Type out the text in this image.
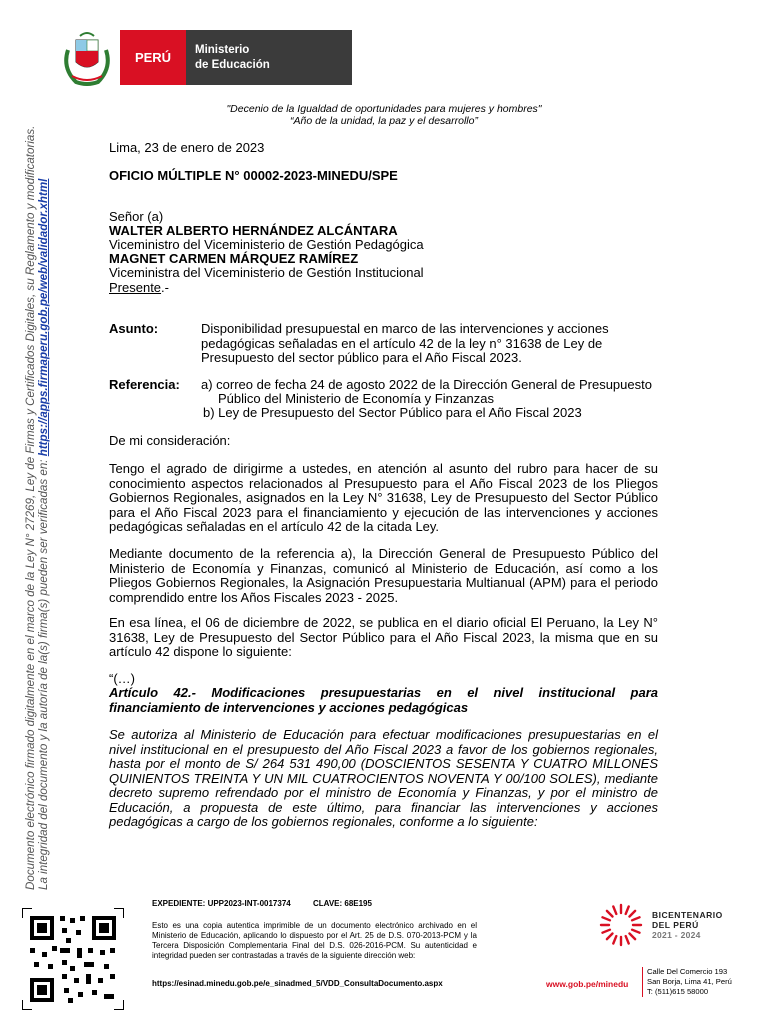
PERÚ
Ministerio
de Educación
"Decenio de la Igualdad de oportunidades para mujeres y hombres"
“Año de la unidad, la paz y el desarrollo”
Documento electrónico firmado digitalmente en el marco de la Ley N° 27269, Ley de Firmas y Certificados Digitales, su Reglamento y modificatorias. La integridad del documento y la autoría de la(s) firma(s) pueden ser verificadas en: https://apps.firmaperu.gob.pe/web/validador.xhtml
Lima, 23 de enero de 2023
OFICIO MÚLTIPLE N° 00002-2023-MINEDU/SPE
Señor (a)
WALTER ALBERTO HERNÁNDEZ ALCÁNTARA
Viceministro del Viceministerio de Gestión Pedagógica
MAGNET CARMEN MÁRQUEZ RAMÍREZ
Viceministra del Viceministerio de Gestión Institucional
Presente.-
Asunto:	Disponibilidad presupuestal en marco de las intervenciones y acciones pedagógicas señaladas en el artículo 42 de la ley n° 31638 de Ley de Presupuesto del sector público para el Año Fiscal 2023.
Referencia: a) correo de fecha 24 de agosto 2022 de la Dirección General de Presupuesto
Público del Ministerio de Economía y Finzanzas
b) Ley de Presupuesto del Sector Público para el Año Fiscal 2023
De mi consideración:
Tengo el agrado de dirigirme a ustedes, en atención al asunto del rubro para hacer de su conocimiento aspectos relacionados al Presupuesto para el Año Fiscal 2023 de los Pliegos Gobiernos Regionales, asignados en la Ley N° 31638, Ley de Presupuesto del Sector Público para el Año Fiscal 2023 para el financiamiento y ejecución de las intervenciones y acciones pedagógicas señaladas en el artículo 42 de la citada Ley.
Mediante documento de la referencia a), la Dirección General de Presupuesto Público del Ministerio de Economía y Finanzas, comunicó al Ministerio de Educación, así como a los Pliegos Gobiernos Regionales, la Asignación Presupuestaria Multianual (APM) para el periodo comprendido entre los Años Fiscales 2023 - 2025.
En esa línea, el 06 de diciembre de 2022, se publica en el diario oficial El Peruano, la Ley N° 31638, Ley de Presupuesto del Sector Público para el Año Fiscal 2023, la misma que en su artículo 42 dispone lo siguiente:
“(…)
Artículo 42.- Modificaciones presupuestarias en el nivel institucional para financiamiento de intervenciones y acciones pedagógicas
Se autoriza al Ministerio de Educación para efectuar modificaciones presupuestarias en el nivel institucional en el presupuesto del Año Fiscal 2023 a favor de los gobiernos regionales, hasta por el monto de S/ 264 531 490,00 (DOSCIENTOS SESENTA Y CUATRO MILLONES QUINIENTOS TREINTA Y UN MIL CUATROCIENTOS NOVENTA Y 00/100 SOLES), mediante decreto supremo refrendado por el ministro de Economía y Finanzas, y por el ministro de Educación, a propuesta de este último, para financiar las intervenciones y acciones pedagógicas a cargo de los gobiernos regionales, conforme a lo siguiente:
EXPEDIENTE: UPP2023-INT-0017374	CLAVE: 68E195
Esto es una copia autentica imprimible de un documento electrónico archivado en el Ministerio de Educación, aplicando lo dispuesto por el Art. 25 de D.S. 070-2013-PCM y la Tercera Disposición Complementaria Final del D.S. 026-2016-PCM. Su autenticidad e integridad pueden ser contrastadas a través de la siguiente dirección web:
https://esinad.minedu.gob.pe/e_sinadmed_5/VDD_ConsultaDocumento.aspx
BICENTENARIO
DEL PERÚ
2021 - 2024
www.gob.pe/minedu
Calle Del Comercio 193
San Borja, Lima 41, Perú
T: (511)615 58000
